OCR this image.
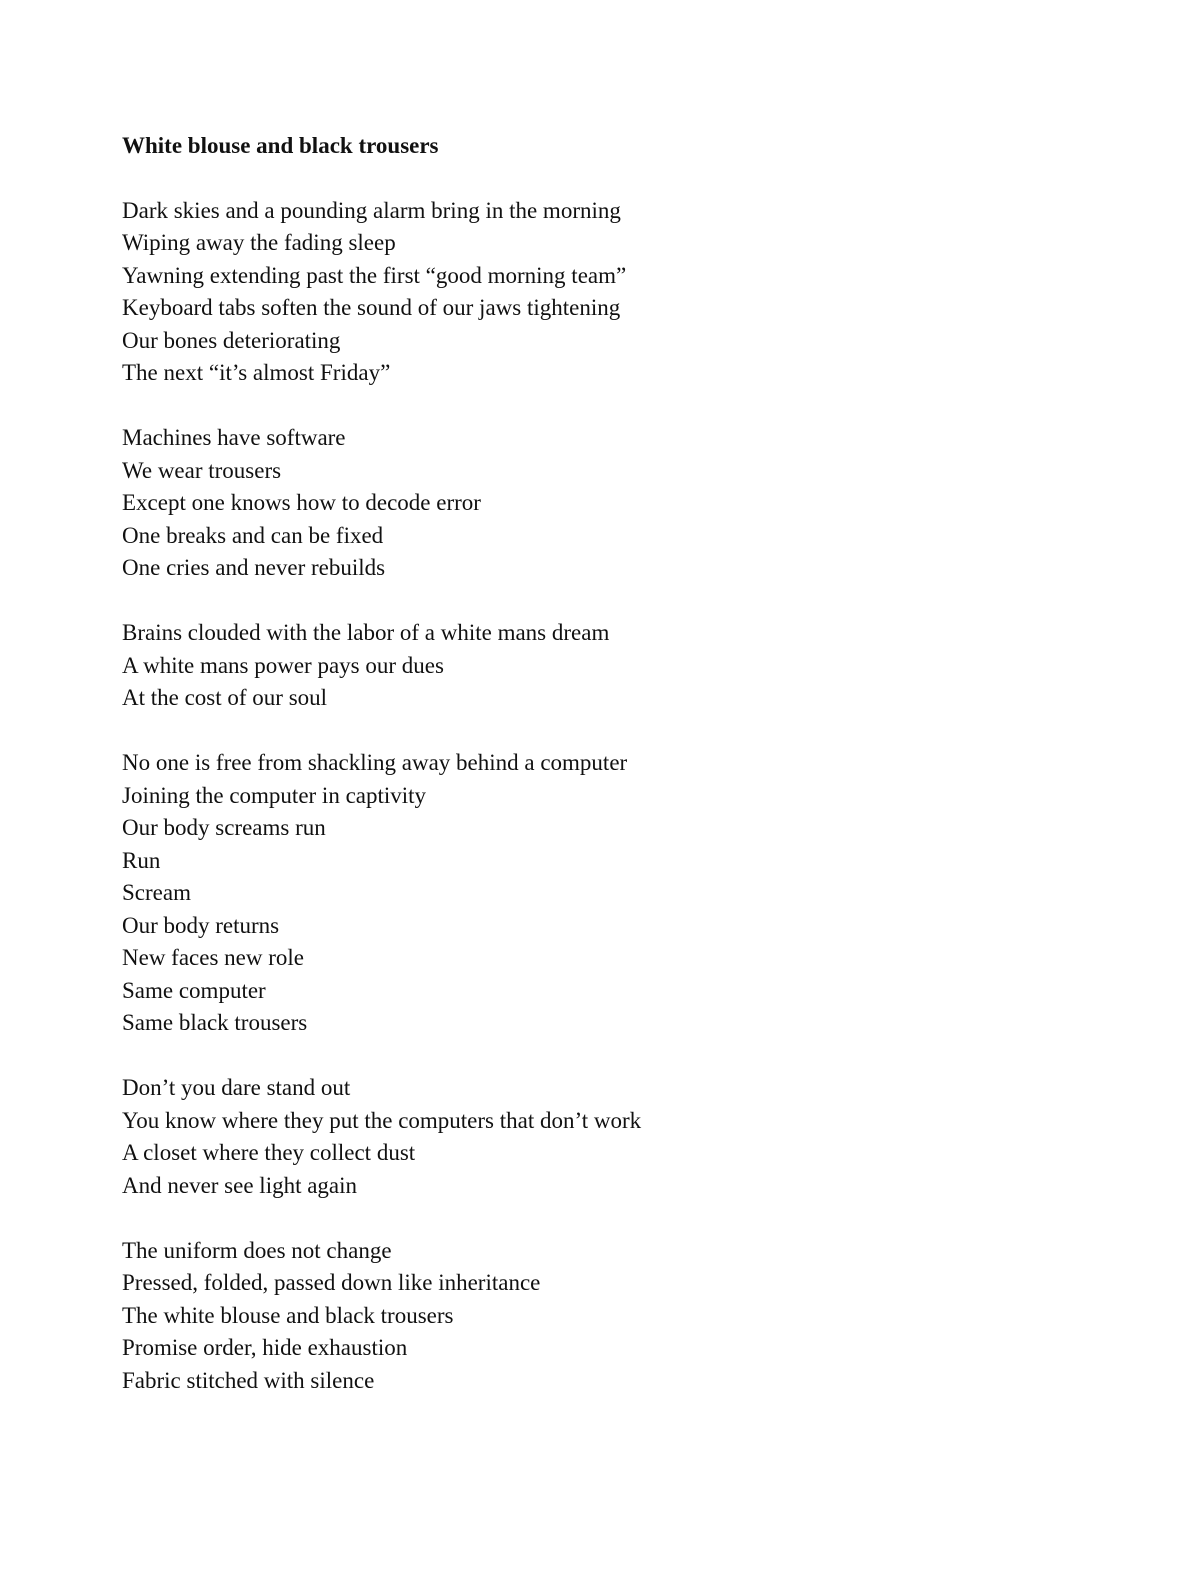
White blouse and black trousers
Dark skies and a pounding alarm bring in the morning
Wiping away the fading sleep
Yawning extending past the first “good morning team”
Keyboard tabs soften the sound of our jaws tightening
Our bones deteriorating
The next “it’s almost Friday”
Machines have software
We wear trousers
Except one knows how to decode error
One breaks and can be fixed
One cries and never rebuilds
Brains clouded with the labor of a white mans dream
A white mans power pays our dues
At the cost of our soul
No one is free from shackling away behind a computer
Joining the computer in captivity
Our body screams run
Run
Scream
Our body returns
New faces new role
Same computer
Same black trousers
Don’t you dare stand out
You know where they put the computers that don’t work
A closet where they collect dust
And never see light again
The uniform does not change
Pressed, folded, passed down like inheritance
The white blouse and black trousers
Promise order, hide exhaustion
Fabric stitched with silence
